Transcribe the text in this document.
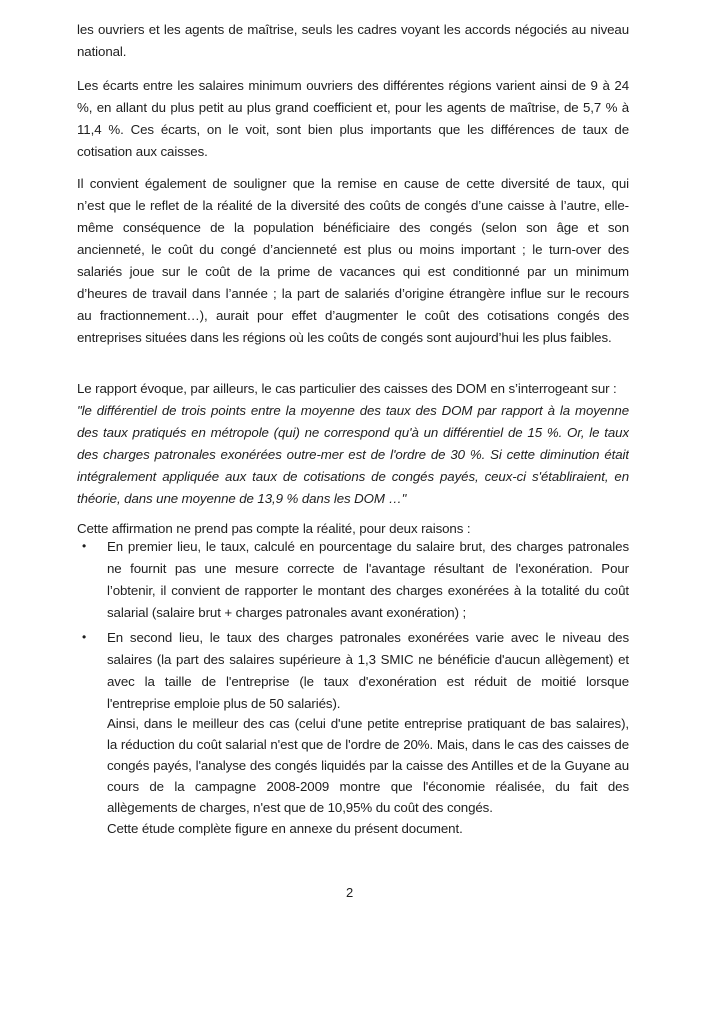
les ouvriers et les agents de maîtrise, seuls les cadres voyant les accords négociés au niveau
national.
Les écarts entre les salaires minimum ouvriers des différentes régions varient ainsi de 9 à 24
%, en allant du plus petit au plus grand coefficient et, pour les agents de maîtrise, de 5,7 % à
11,4 %. Ces écarts, on le voit, sont bien plus importants que les différences de taux de
cotisation aux caisses.
Il convient également de souligner que la remise en cause de cette diversité de taux, qui
n’est que le reflet de la réalité de la diversité des coûts de congés d’une caisse à l’autre, elle-
même conséquence de la population bénéficiaire des congés (selon son âge et son
ancienneté, le coût du congé d’ancienneté est plus ou moins important ; le turn-over des
salariés joue sur le coût de la prime de vacances qui est conditionné par un minimum
d’heures de travail dans l’année ; la part de salariés d’origine étrangère influe sur le recours
au fractionnement…), aurait pour effet d’augmenter le coût des cotisations congés des
entreprises situées dans les régions où les coûts de congés sont aujourd’hui les plus faibles.
Le rapport évoque, par ailleurs, le cas particulier des caisses des DOM en s’interrogeant sur :
"le différentiel de trois points entre la moyenne des taux des DOM par rapport à la moyenne
des taux pratiqués en métropole (qui) ne correspond qu'à un différentiel de 15 %. Or, le taux
des charges patronales exonérées outre-mer est de l'ordre de 30 %. Si cette diminution était
intégralement appliquée aux taux de cotisations de congés payés, ceux-ci s'établiraient, en
théorie, dans une moyenne de 13,9 % dans les DOM …"
Cette affirmation ne prend pas compte la réalité, pour deux raisons :
• En premier lieu, le taux, calculé en pourcentage du salaire brut, des charges patronales
ne fournit pas une mesure correcte de l'avantage résultant de l'exonération. Pour
l’obtenir, il convient de rapporter le montant des charges exonérées à la totalité du coût
salarial (salaire brut + charges patronales avant exonération) ;
• En second lieu, le taux des charges patronales exonérées varie avec le niveau des
salaires (la part des salaires supérieure à 1,3 SMIC ne bénéficie d'aucun allègement) et
avec la taille de l'entreprise (le taux d'exonération est réduit de moitié lorsque
l'entreprise emploie plus de 50 salariés).
Ainsi, dans le meilleur des cas (celui d'une petite entreprise pratiquant de bas salaires),
la réduction du coût salarial n'est que de l'ordre de 20%. Mais, dans le cas des caisses de
congés payés, l'analyse des congés liquidés par la caisse des Antilles et de la Guyane au
cours de la campagne 2008-2009 montre que l'économie réalisée, du fait des
allègements de charges, n'est que de 10,95% du coût des congés.
Cette étude complète figure en annexe du présent document.
2
